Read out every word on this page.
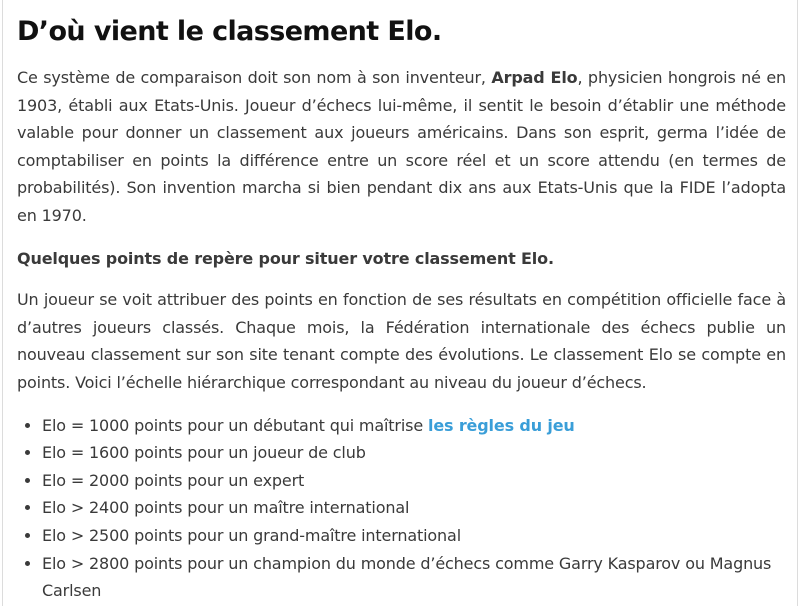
D’où vient le classement Elo.

Ce système de comparaison doit son nom à son inventeur, Arpad Elo, physicien hongrois né en 1903, établi aux Etats-Unis. Joueur d’échecs lui-même, il sentit le besoin d’établir une méthode valable pour donner un classement aux joueurs américains. Dans son esprit, germa l’idée de comptabiliser en points la différence entre un score réel et un score attendu (en termes de probabilités). Son invention marcha si bien pendant dix ans aux Etats-Unis que la FIDE l’adopta en 1970.

Quelques points de repère pour situer votre classement Elo.

Un joueur se voit attribuer des points en fonction de ses résultats en compétition officielle face à d’autres joueurs classés. Chaque mois, la Fédération internationale des échecs publie un nouveau classement sur son site tenant compte des évolutions. Le classement Elo se compte en points. Voici l’échelle hiérarchique correspondant au niveau du joueur d’échecs.

• Elo = 1000 points pour un débutant qui maîtrise les règles du jeu
• Elo = 1600 points pour un joueur de club
• Elo = 2000 points pour un expert
• Elo > 2400 points pour un maître international
• Elo > 2500 points pour un grand-maître international
• Elo > 2800 points pour un champion du monde d’échecs comme Garry Kasparov ou Magnus Carlsen
